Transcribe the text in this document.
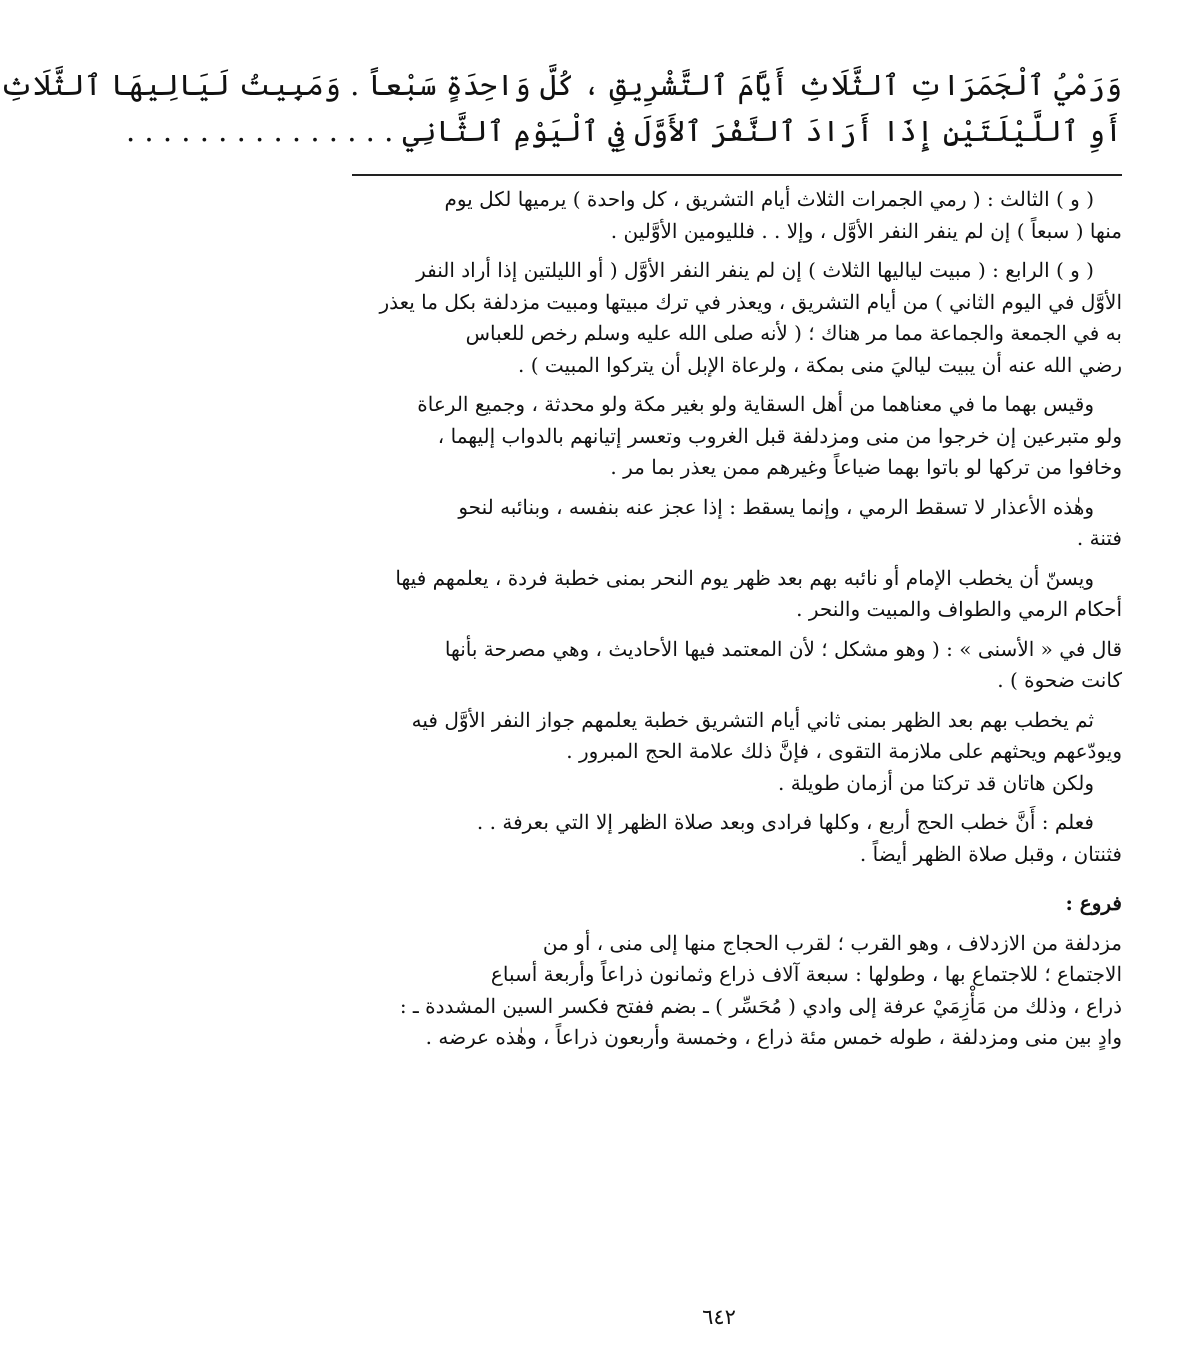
وَرَمْيُ ٱلْجَمَرَاتِ ٱلثَّلَاثِ أَيَّامَ ٱلتَّشْرِيقِ ، كُلَّ وَاحِدَةٍ سَبْعاً . وَمَبِيتُ لَيَالِيهَا ٱلثَّلَاثِ
أَوِ ٱللَّيْلَتَيْنِ إِذَا أَرَادَ ٱلنَّفْرَ ٱلأَوَّلَ فِي ٱلْيَوْمِ ٱلثَّانِي . . . . . . . . . . . . . . .

( و ) الثالث : ( رمي الجمرات الثلاث أيام التشريق ، كل واحدة ) يرميها لكل يوم
منها ( سبعاً ) إن لم ينفر النفر الأوَّل ، وإلا . . فلليومين الأوَّلين .

( و ) الرابع : ( مبيت لياليها الثلاث ) إن لم ينفر النفر الأوَّل ( أو الليلتين إذا أراد النفر
الأوَّل في اليوم الثاني ) من أيام التشريق ، ويعذر في ترك مبيتها ومبيت مزدلفة بكل ما يعذر
به في الجمعة والجماعة مما مر هناك ؛ ( لأنه صلى الله عليه وسلم رخص للعباس
رضي الله عنه أن يبيت لياليَ منى بمكة ، ولرعاة الإبل أن يتركوا المبيت ) .

وقيس بهما ما في معناهما من أهل السقاية ولو بغير مكة ولو محدثة ، وجميع الرعاة
ولو متبرعين إن خرجوا من منى ومزدلفة قبل الغروب وتعسر إتيانهم بالدواب إليهما ،
وخافوا من تركها لو باتوا بهما ضياعاً وغيرهم ممن يعذر بما مر .

وهٰذه الأعذار لا تسقط الرمي ، وإنما يسقط : إذا عجز عنه بنفسه ، وبنائبه لنحو
فتنة .

ويسنّ أن يخطب الإمام أو نائبه بهم بعد ظهر يوم النحر بمنى خطبة فردة ، يعلمهم فيها
أحكام الرمي والطواف والمبيت والنحر .

قال في « الأسنى » : ( وهو مشكل ؛ لأن المعتمد فيها الأحاديث ، وهي مصرحة بأنها
كانت ضحوة ) .

ثم يخطب بهم بعد الظهر بمنى ثاني أيام التشريق خطبة يعلمهم جواز النفر الأوَّل فيه
ويودّعهم ويحثهم على ملازمة التقوى ، فإنَّ ذلك علامة الحج المبرور .
ولكن هاتان قد تركتا من أزمان طويلة .

فعلم : أَنَّ خطب الحج أربع ، وكلها فرادى وبعد صلاة الظهر إلا التي بعرفة . .
فثنتان ، وقبل صلاة الظهر أيضاً .

فروع :

مزدلفة من الازدلاف ، وهو القرب ؛ لقرب الحجاج منها إلى منى ، أو من
الاجتماع ؛ للاجتماع بها ، وطولها : سبعة آلاف ذراع وثمانون ذراعاً وأربعة أسباع
ذراع ، وذلك من مَأْزِمَيْ عرفة إلى وادي ( مُحَسِّر ) ـ بضم ففتح فكسر السين المشددة ـ :
وادٍ بين منى ومزدلفة ، طوله خمس مئة ذراع ، وخمسة وأربعون ذراعاً ، وهٰذه عرضه .

٦٤٢
